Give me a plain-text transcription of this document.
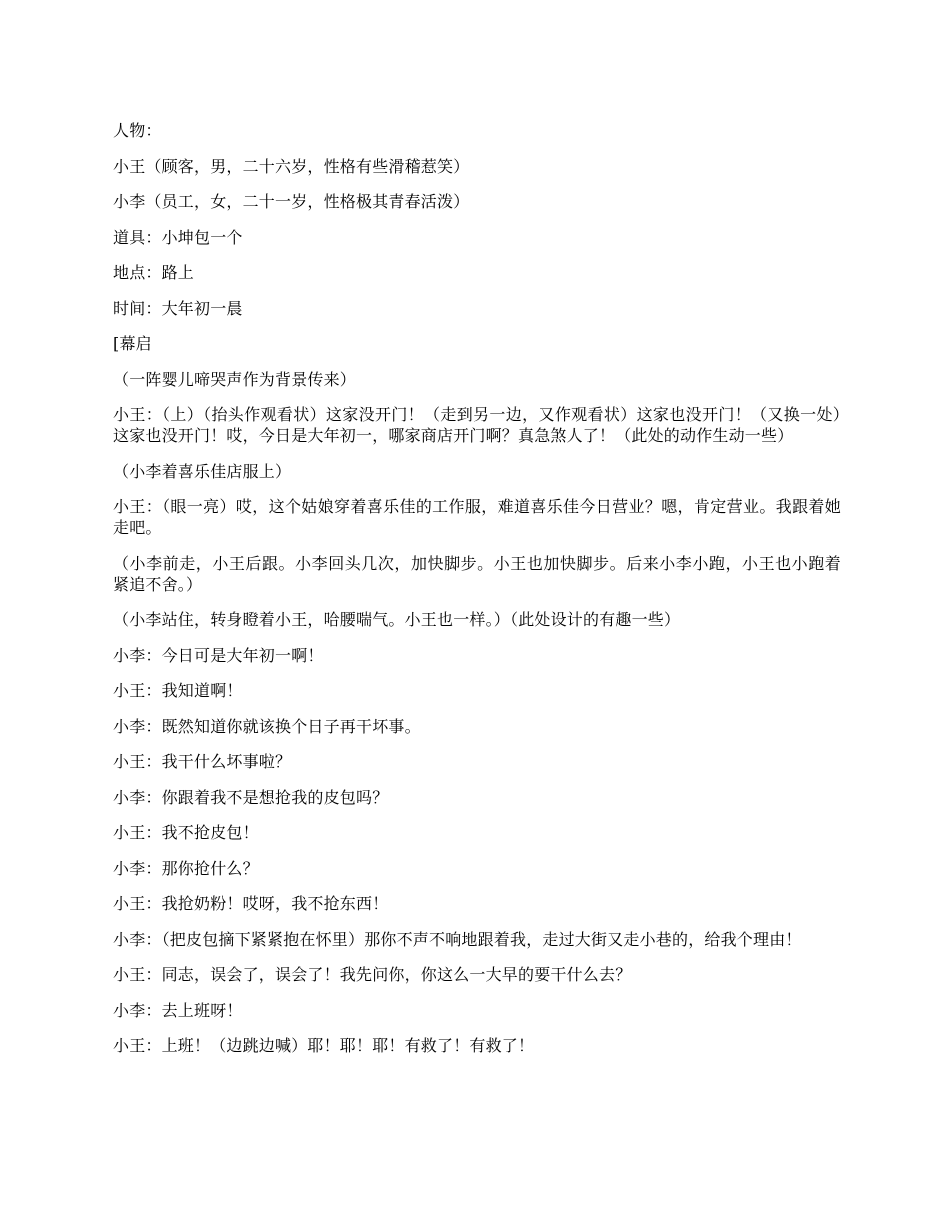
人物：

小王（顾客，男，二十六岁，性格有些滑稽惹笑）

小李（员工，女，二十一岁，性格极其青春活泼）

道具：小坤包一个

地点：路上

时间：大年初一晨

[幕启

（一阵婴儿啼哭声作为背景传来）

小王：（上）（抬头作观看状）这家没开门！（走到另一边，又作观看状）这家也没开门！（又换一处）这家也没开门！哎，今日是大年初一，哪家商店开门啊？真急煞人了！（此处的动作生动一些）

（小李着喜乐佳店服上）

小王：（眼一亮）哎，这个姑娘穿着喜乐佳的工作服，难道喜乐佳今日营业？嗯，肯定营业。我跟着她走吧。

（小李前走，小王后跟。小李回头几次，加快脚步。小王也加快脚步。后来小李小跑，小王也小跑着紧追不舍。）

（小李站住，转身瞪着小王，哈腰喘气。小王也一样。）（此处设计的有趣一些）

小李：今日可是大年初一啊！

小王：我知道啊！

小李：既然知道你就该换个日子再干坏事。

小王：我干什么坏事啦？

小李：你跟着我不是想抢我的皮包吗？

小王：我不抢皮包！

小李：那你抢什么？

小王：我抢奶粉！哎呀，我不抢东西！

小李：（把皮包摘下紧紧抱在怀里）那你不声不响地跟着我，走过大街又走小巷的，给我个理由！

小王：同志，误会了，误会了！我先问你，你这么一大早的要干什么去？

小李：去上班呀！

小王：上班！（边跳边喊）耶！耶！耶！有救了！有救了！
